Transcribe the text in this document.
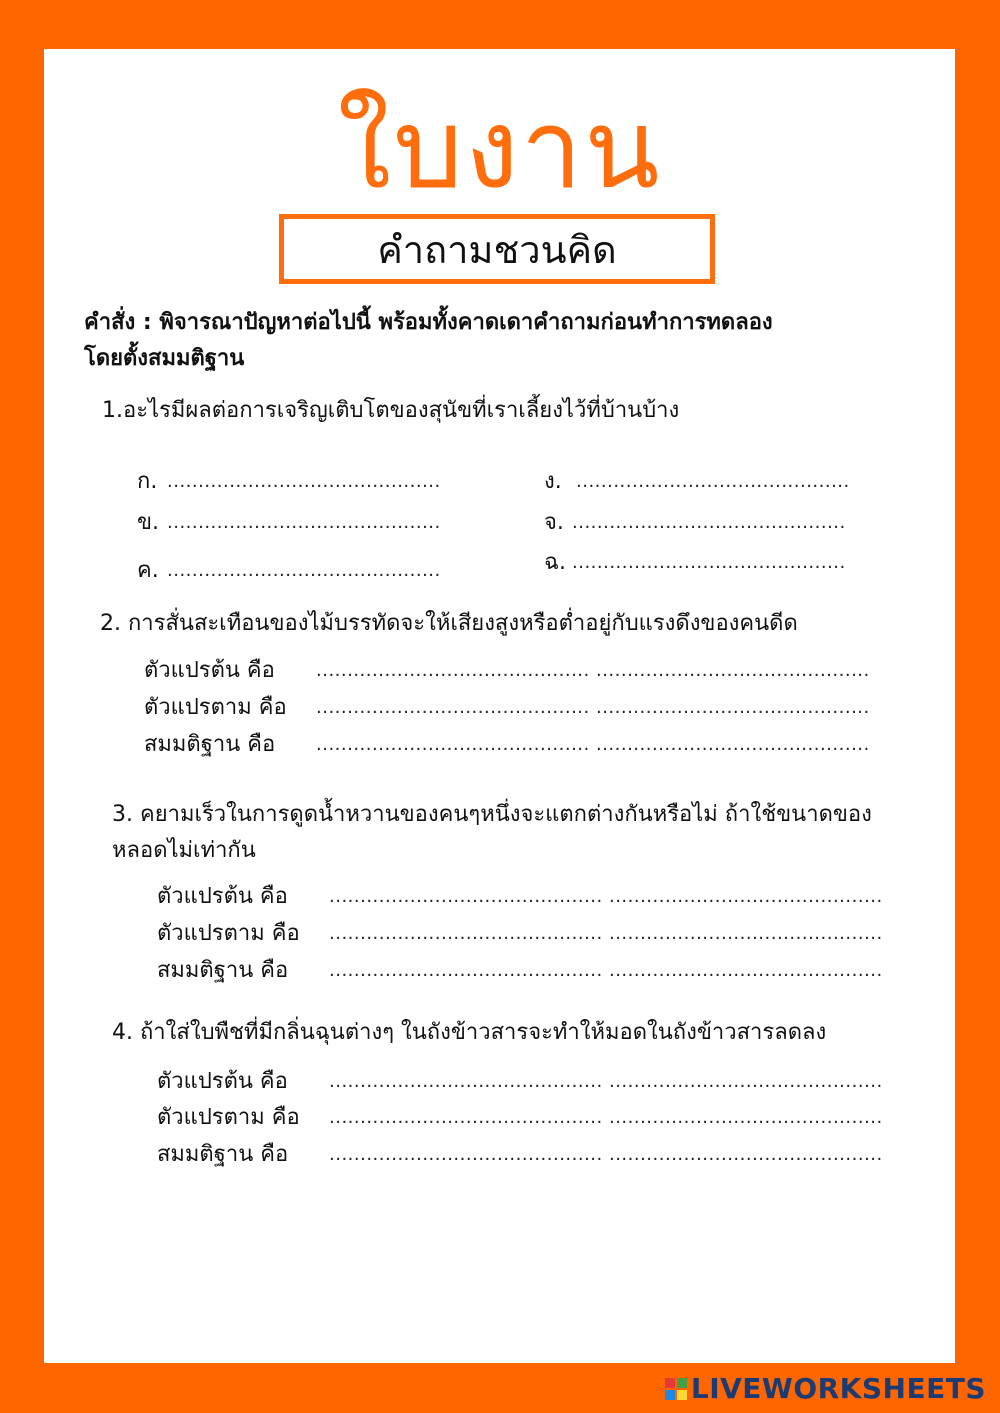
ใบงาน
คำถามชวนคิด
คำสั่ง : พิจารณาปัญหาต่อไปนี้ พร้อมทั้งคาดเดาคำถามก่อนทำการทดลอง
โดยตั้งสมมติฐาน
1.อะไรมีผลต่อการเจริญเติบโตของสุนัขที่เราเลี้ยงไว้ที่บ้านบ้าง
ก. ............................................
ข. ............................................
ค. ............................................
ง. ............................................
จ. ............................................
ฉ. ............................................
2. การสั่นสะเทือนของไม้บรรทัดจะให้เสียงสูงหรือต่ำอยู่กับแรงดึงของคนดีด
ตัวแปรต้น คือ	............................................ ............................................
ตัวแปรตาม คือ	............................................ ............................................
สมมติฐาน คือ	............................................ ............................................
3. คยามเร็วในการดูดน้ำหวานของคนๆหนึ่งจะแตกต่างกันหรือไม่ ถ้าใช้ขนาดของ
หลอดไม่เท่ากัน
ตัวแปรต้น คือ	............................................ ............................................
ตัวแปรตาม คือ	............................................ ............................................
สมมติฐาน คือ	............................................ ............................................
4. ถ้าใส่ใบพืชที่มีกลิ่นฉุนต่างๆ ในถังข้าวสารจะทำให้มอดในถังข้าวสารลดลง
ตัวแปรต้น คือ	............................................ ............................................
ตัวแปรตาม คือ	............................................ ............................................
สมมติฐาน คือ	............................................ ............................................
LIVEWORKSHEETS
